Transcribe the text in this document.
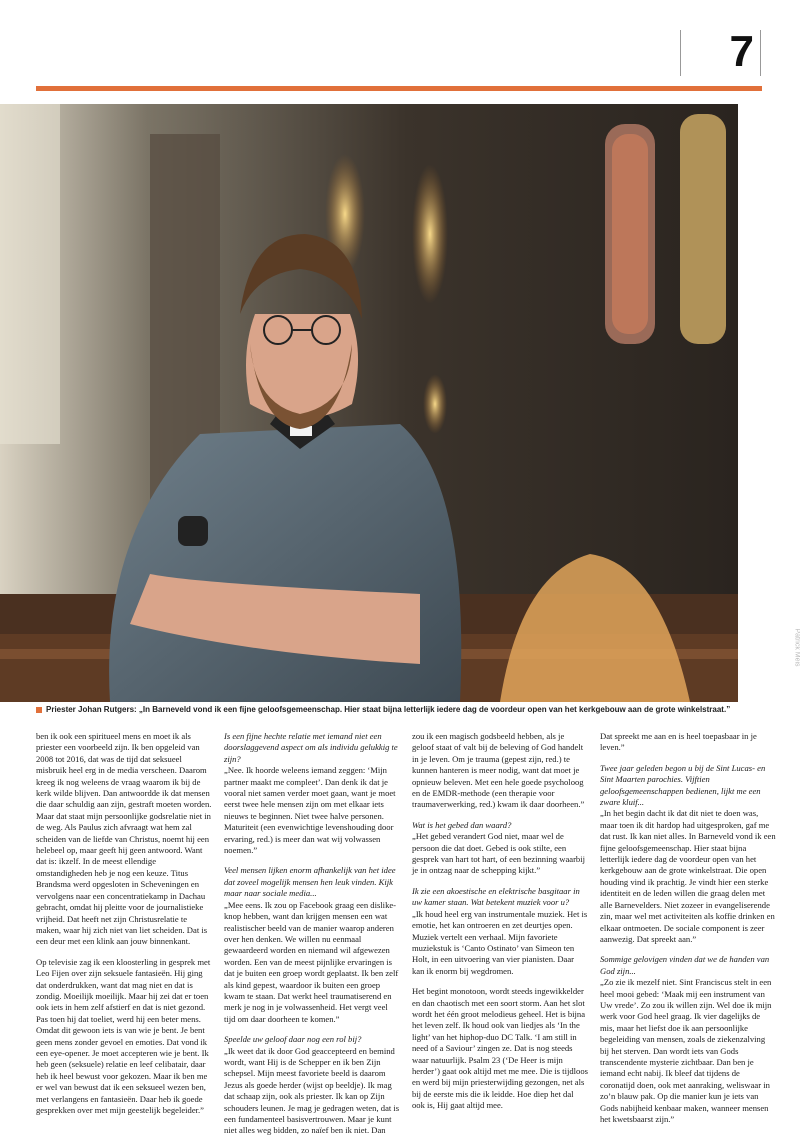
7
Patrick Meis
Priester Johan Rutgers: „In Barneveld vond ik een fijne geloofsgemeenschap. Hier staat bijna letterlijk iedere dag de voordeur open van het kerkgebouw aan de grote winkelstraat.”

ben ik ook een spiritueel mens en moet ik als priester een voorbeeld zijn. Ik ben opgeleid van 2008 tot 2016, dat was de tijd dat seksueel misbruik heel erg in de media verscheen. Daarom kreeg ik nog weleens de vraag waarom ik bij de kerk wilde blijven. Dan antwoordde ik dat mensen die daar schuldig aan zijn, gestraft moeten worden. Maar dat staat mijn persoonlijke godsrelatie niet in de weg. Als Paulus zich afvraagt wat hem zal scheiden van de liefde van Christus, noemt hij een helebeel op, maar geeft hij geen antwoord. Want dat is: ikzelf. In de meest ellendige omstandigheden heb je nog een keuze. Titus Brandsma werd opgesloten in Scheveningen en vervolgens naar een concentratiekamp in Dachau gebracht, omdat hij pleitte voor de journalistieke vrijheid. Dat heeft net zijn Christusrelatie te maken, waar hij zich niet van liet scheiden. Dat is een deur met een klink aan jouw binnenkant.

Op televisie zag ik een kloosterling in gesprek met Leo Fijen over zijn seksuele fantasieën. Hij ging dat onderdrukken, want dat mag niet en dat is zondig. Moeilijk moeilijk. Maar hij zei dat er toen ook iets in hem zelf afstierf en dat is niet gezond. Pas toen hij dat toeliet, werd hij een beter mens. Omdat dit gewoon iets is van wie je bent. Je bent geen mens zonder gevoel en emoties. Dat vond ik een eye-opener. Je moet accepteren wie je bent. Ik heb geen (seksuele) relatie en leef celibatair, daar heb ik heel bewust voor gekozen. Maar ik ben me er wel van bewust dat ik een seksueel wezen ben, met verlangens en fantasieën. Daar heb ik goede gesprekken over met mijn geestelijk begeleider.”

Is een fijne hechte relatie met iemand niet een doorslaggevend aspect om als individu gelukkig te zijn?

„Nee. Ik hoorde weleens iemand zeggen: ‘Mijn partner maakt me compleet’. Dan denk ik dat je vooral niet samen verder moet gaan, want je moet eerst twee hele mensen zijn om met elkaar iets nieuws te beginnen. Niet twee halve personen. Maturiteit (een evenwichtige levenshouding door ervaring, red.) is meer dan wat wij volwassen noemen.”

Veel mensen lijken enorm afhankelijk van het idee dat zoveel mogelijk mensen hen leuk vinden. Kijk maar naar sociale media...

„Mee eens. Ik zou op Facebook graag een dislike-knop hebben, want dan krijgen mensen een wat realistischer beeld van de manier waarop anderen over hen denken. We willen nu eenmaal gewaardeerd worden en niemand wil afgewezen worden. Een van de meest pijnlijke ervaringen is dat je buiten een groep wordt geplaatst. Ik ben zelf als kind gepest, waardoor ik buiten een groep kwam te staan. Dat werkt heel traumatiserend en merk je nog in je volwassenheid. Het vergt veel tijd om daar doorheen te komen.”

Speelde uw geloof daar nog een rol bij?

„Ik weet dat ik door God geaccepteerd en bemind wordt, want Hij is de Schepper en ik ben Zijn schepsel. Mijn meest favoriete beeld is daarom Jezus als goede herder (wijst op beeldje). Ik mag dat schaap zijn, ook als priester. Ik kan op Zijn schouders leunen. Je mag je gedragen weten, dat is een fundamenteel basisvertrouwen. Maar je kunt niet alles weg bidden, zo naïef ben ik niet. Dan

zou ik een magisch godsbeeld hebben, als je geloof staat of valt bij de beleving of God handelt in je leven. Om je trauma (gepest zijn, red.) te kunnen hanteren is meer nodig, want dat moet je opnieuw beleven. Met een hele goede psycholoog en de EMDR-methode (een therapie voor traumaverwerking, red.) kwam ik daar doorheen.”

Wat is het gebed dan waard?

„Het gebed verandert God niet, maar wel de persoon die dat doet. Gebed is ook stilte, een gesprek van hart tot hart, of een bezinning waarbij je in ontzag naar de schepping kijkt.”

Ik zie een akoestische en elektrische basgitaar in uw kamer staan. Wat betekent muziek voor u?

„Ik houd heel erg van instrumentale muziek. Het is emotie, het kan ontroeren en zet deurtjes open. Muziek vertelt een verhaal. Mijn favoriete muziekstuk is ‘Canto Ostinato’ van Simeon ten Holt, in een uitvoering van vier pianisten. Daar kan ik enorm bij wegdromen.

Het begint monotoon, wordt steeds ingewikkelder en dan chaotisch met een soort storm. Aan het slot wordt het één groot melodieus geheel. Het is bijna het leven zelf. Ik houd ook van liedjes als ‘In the light’ van het hiphop-duo DC Talk. ‘I am still in need of a Saviour’ zingen ze. Dat is nog steeds waar natuurlijk. Psalm 23 (‘De Heer is mijn herder’) gaat ook altijd met me mee. Die is tijdloos en werd bij mijn priesterwijding gezongen, net als bij de eerste mis die ik leidde. Hoe diep het dal ook is, Hij gaat altijd mee.

Dat spreekt me aan en is heel toepasbaar in je leven.”

Twee jaar geleden begon u bij de Sint Lucas- en Sint Maarten parochies. Vijftien geloofsgemeenschappen bedienen, lijkt me een zware kluif...

„In het begin dacht ik dat dit niet te doen was, maar toen ik dit hardop had uitgesproken, gaf me dat rust. Ik kan niet alles. In Barneveld vond ik een fijne geloofsgemeenschap. Hier staat bijna letterlijk iedere dag de voordeur open van het kerkgebouw aan de grote winkelstraat. Die open houding vind ik prachtig. Je vindt hier een sterke identiteit en de leden willen die graag delen met alle Barnevelders. Niet zozeer in evangeliserende zin, maar wel met activiteiten als koffie drinken en elkaar ontmoeten. De sociale component is zeer aanwezig. Dat spreekt aan.”

Sommige gelovigen vinden dat we de handen van God zijn...

„Zo zie ik mezelf niet. Sint Franciscus stelt in een heel mooi gebed: ‘Maak mij een instrument van Uw vrede’. Zo zou ik willen zijn. Wel doe ik mijn werk voor God heel graag. Ik vier dagelijks de mis, maar het liefst doe ik aan persoonlijke begeleiding van mensen, zoals de ziekenzalving bij het sterven. Dan wordt iets van Gods transcendente mysterie zichtbaar. Dan ben je iemand echt nabij. Ik bleef dat tijdens de coronatijd doen, ook met aanraking, weliswaar in zo’n blauw pak. Op die manier kun je iets van Gods nabijheid kenbaar maken, wanneer mensen het kwetsbaarst zijn.”
